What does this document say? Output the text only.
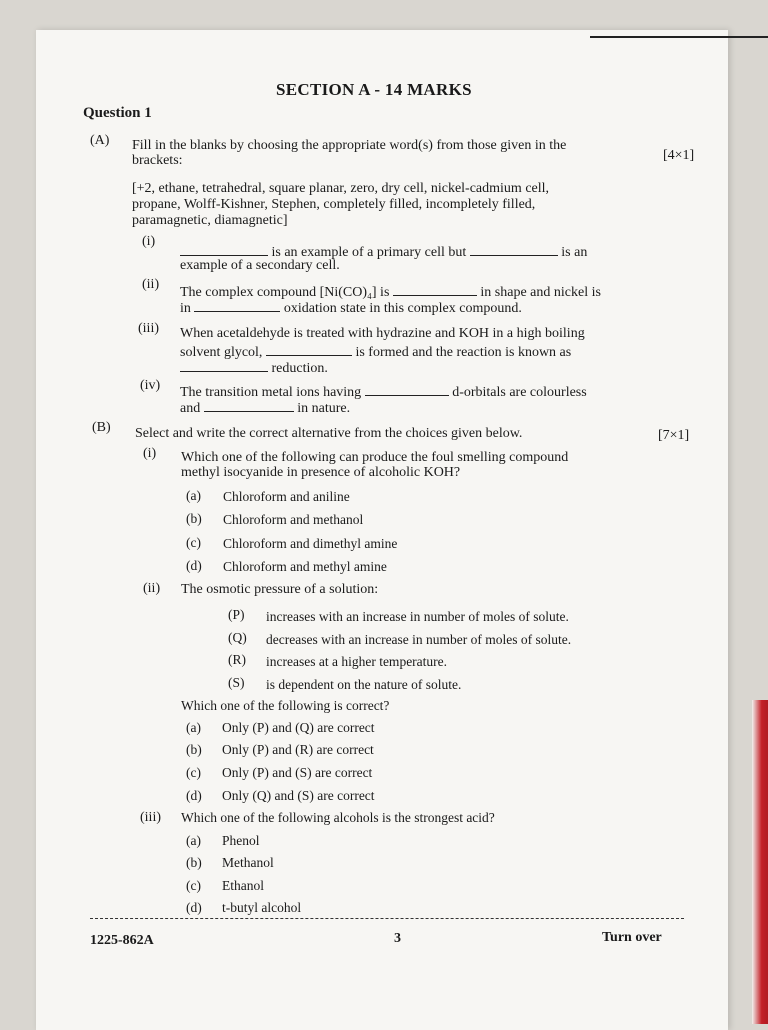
SECTION A - 14 MARKS
Question 1
(A) Fill in the blanks by choosing the appropriate word(s) from those given in the
brackets:	[4×1]
[+2, ethane, tetrahedral, square planar, zero, dry cell, nickel-cadmium cell,
propane, Wolff-Kishner, Stephen, completely filled, incompletely filled,
paramagnetic, diamagnetic]
(i)
is an example of a primary cell but	is an
example of a secondary cell.
(ii)
The complex compound [Ni(CO)₄] is	in shape and nickel is
in	oxidation state in this complex compound.
(iii) When acetaldehyde is treated with hydrazine and KOH in a high boiling
solvent glycol,	is formed and the reaction is known as
reduction.
(iv) The transition metal ions having	d-orbitals are colourless
and	in nature.
(B) Select and write the correct alternative from the choices given below.	[7×1]
(i) Which one of the following can produce the foul smelling compound
methyl isocyanide in presence of alcoholic KOH?
(a) Chloroform and aniline
(b) Chloroform and methanol
(c) Chloroform and dimethyl amine
(d) Chloroform and methyl amine
(ii) The osmotic pressure of a solution:
(P) increases with an increase in number of moles of solute.
(Q) decreases with an increase in number of moles of solute.
(R) increases at a higher temperature.
(S) is dependent on the nature of solute.
Which one of the following is correct?
(a) Only (P) and (Q) are correct
(b) Only (P) and (R) are correct
(c) Only (P) and (S) are correct
(d) Only (Q) and (S) are correct
(iii) Which one of the following alcohols is the strongest acid?
(a) Phenol
(b) Methanol
(c) Ethanol
(d) t-butyl alcohol
1225-862A	3	Turn over
